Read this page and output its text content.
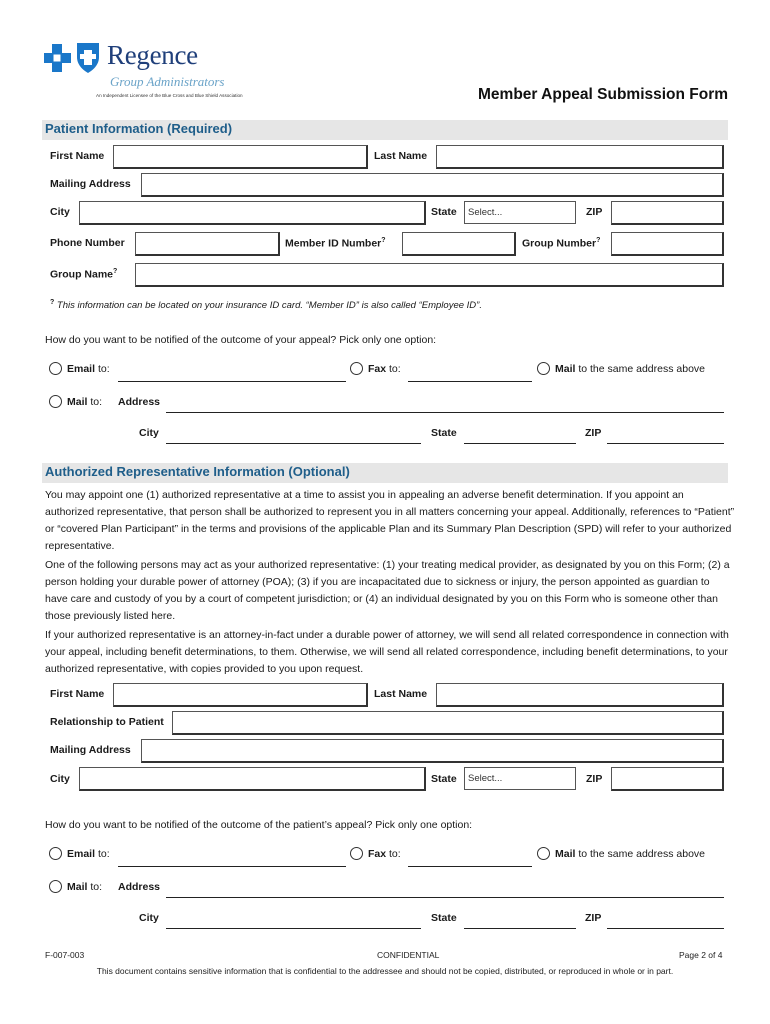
Regence
Group Administrators
An Independent Licensee of the Blue Cross and Blue Shield Association	Member Appeal Submission Form
Patient Information (Required)
First Name	Last Name
Mailing Address
City	State	Select...	ZIP
Phone Number	Member ID Number?	Group Number?
Group Name?
? This information can be located on your insurance ID card. “Member ID” is also called “Employee ID”.
How do you want to be notified of the outcome of your appeal? Pick only one option:
Email to:	Fax to:	Mail to the same address above
Mail to: Address
City	State	ZIP
Authorized Representative Information (Optional)

You may appoint one (1) authorized representative at a time to assist you in appealing an adverse benefit determination. If you appoint an authorized representative, that person shall be authorized to represent you in all matters concerning your appeal. Additionally, references to “Patient” or “covered Plan Participant” in the terms and provisions of the applicable Plan and its Summary Plan Description (SPD) will refer to your authorized representative.

One of the following persons may act as your authorized representative: (1) your treating medical provider, as designated by you on this Form; (2) a person holding your durable power of attorney (POA); (3) if you are incapacitated due to sickness or injury, the person appointed as guardian to have care and custody of you by a court of competent jurisdiction; or (4) an individual designated by you on this Form who is someone other than those previously listed here.

If your authorized representative is an attorney-in-fact under a durable power of attorney, we will send all related correspondence in connection with your appeal, including benefit determinations, to them. Otherwise, we will send all related correspondence, including benefit determinations, to your authorized representative, with copies provided to you upon request.

First Name	Last Name
Relationship to Patient
Mailing Address
City	State	Select...	ZIP
How do you want to be notified of the outcome of the patient’s appeal? Pick only one option:
Email to:	Fax to:	Mail to the same address above
Mail to: Address
City	State	ZIP
F-007-003	CONFIDENTIAL	Page 2 of 4
This document contains sensitive information that is confidential to the addressee and should not be copied, distributed, or reproduced in whole or in part.
